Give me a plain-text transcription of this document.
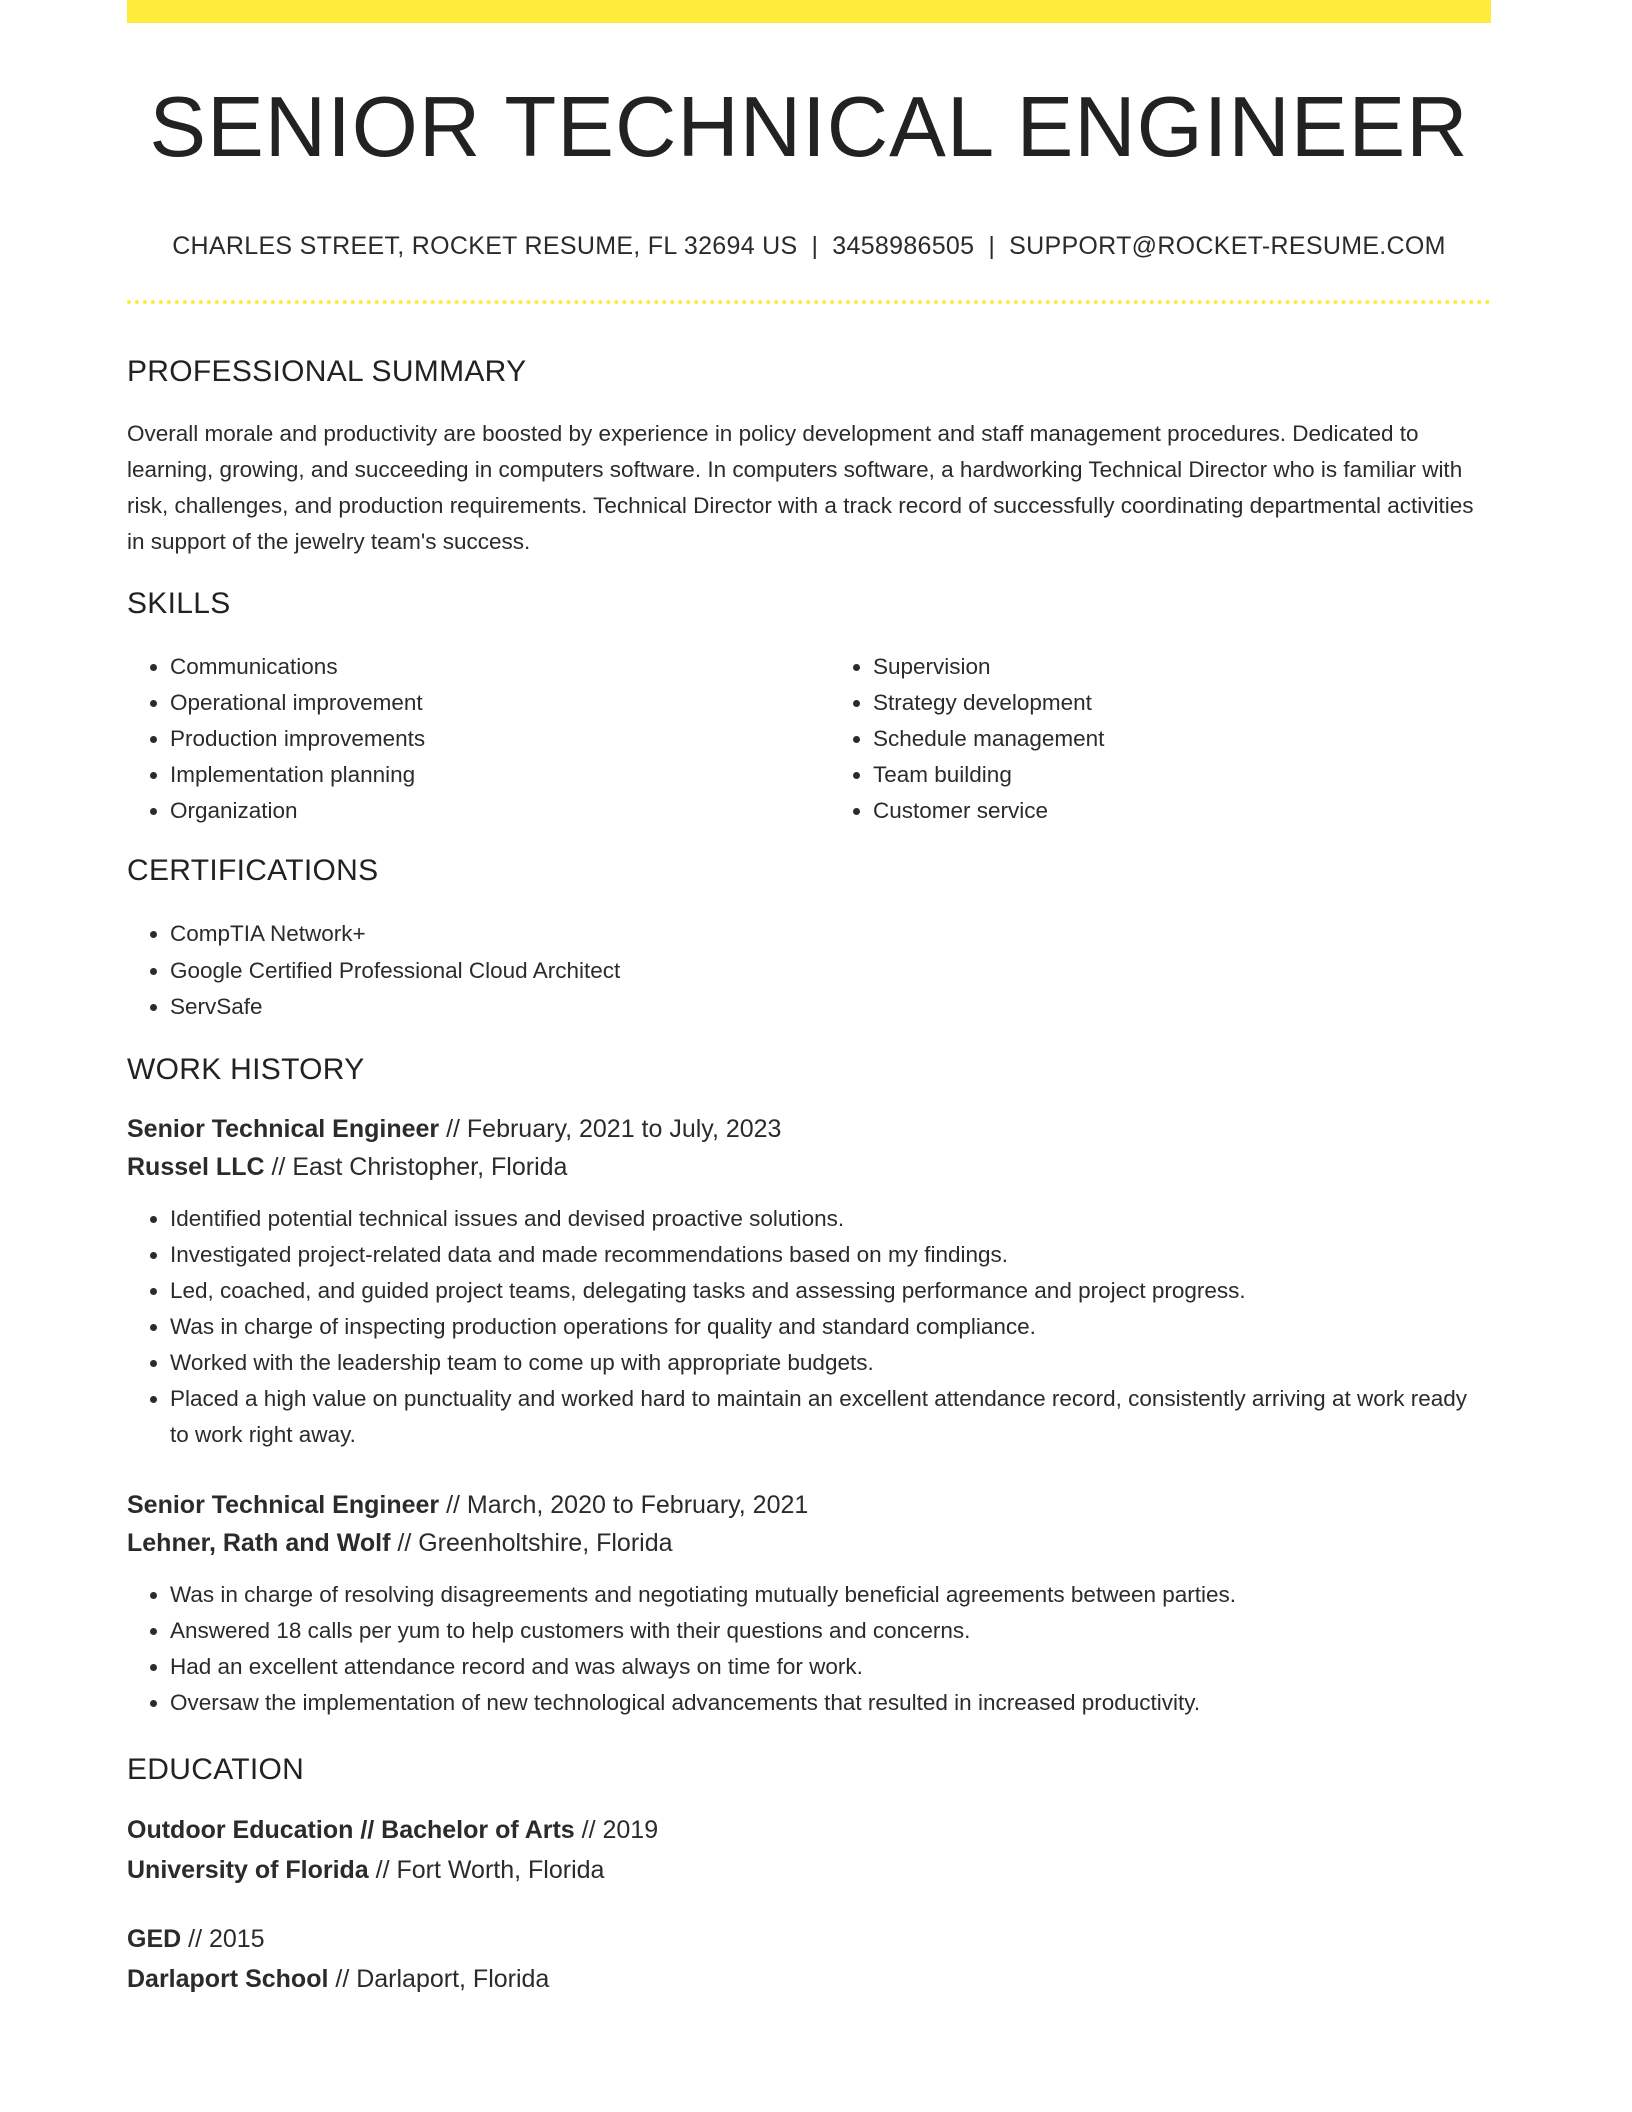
SENIOR TECHNICAL ENGINEER
CHARLES STREET, ROCKET RESUME, FL 32694 US | 3458986505 | SUPPORT@ROCKET-RESUME.COM
PROFESSIONAL SUMMARY
Overall morale and productivity are boosted by experience in policy development and staff management procedures. Dedicated to learning, growing, and succeeding in computers software. In computers software, a hardworking Technical Director who is familiar with risk, challenges, and production requirements. Technical Director with a track record of successfully coordinating departmental activities in support of the jewelry team's success.
SKILLS
• Communications
• Operational improvement
• Production improvements
• Implementation planning
• Organization
• Supervision
• Strategy development
• Schedule management
• Team building
• Customer service
CERTIFICATIONS
• CompTIA Network+
• Google Certified Professional Cloud Architect
• ServSafe
WORK HISTORY
Senior Technical Engineer // February, 2021 to July, 2023
Russel LLC // East Christopher, Florida
• Identified potential technical issues and devised proactive solutions.
• Investigated project-related data and made recommendations based on my findings.
• Led, coached, and guided project teams, delegating tasks and assessing performance and project progress.
• Was in charge of inspecting production operations for quality and standard compliance.
• Worked with the leadership team to come up with appropriate budgets.
• Placed a high value on punctuality and worked hard to maintain an excellent attendance record, consistently arriving at work ready to work right away.
Senior Technical Engineer // March, 2020 to February, 2021
Lehner, Rath and Wolf // Greenholtshire, Florida
• Was in charge of resolving disagreements and negotiating mutually beneficial agreements between parties.
• Answered 18 calls per yum to help customers with their questions and concerns.
• Had an excellent attendance record and was always on time for work.
• Oversaw the implementation of new technological advancements that resulted in increased productivity.
EDUCATION
Outdoor Education // Bachelor of Arts // 2019
University of Florida // Fort Worth, Florida
GED // 2015
Darlaport School // Darlaport, Florida
